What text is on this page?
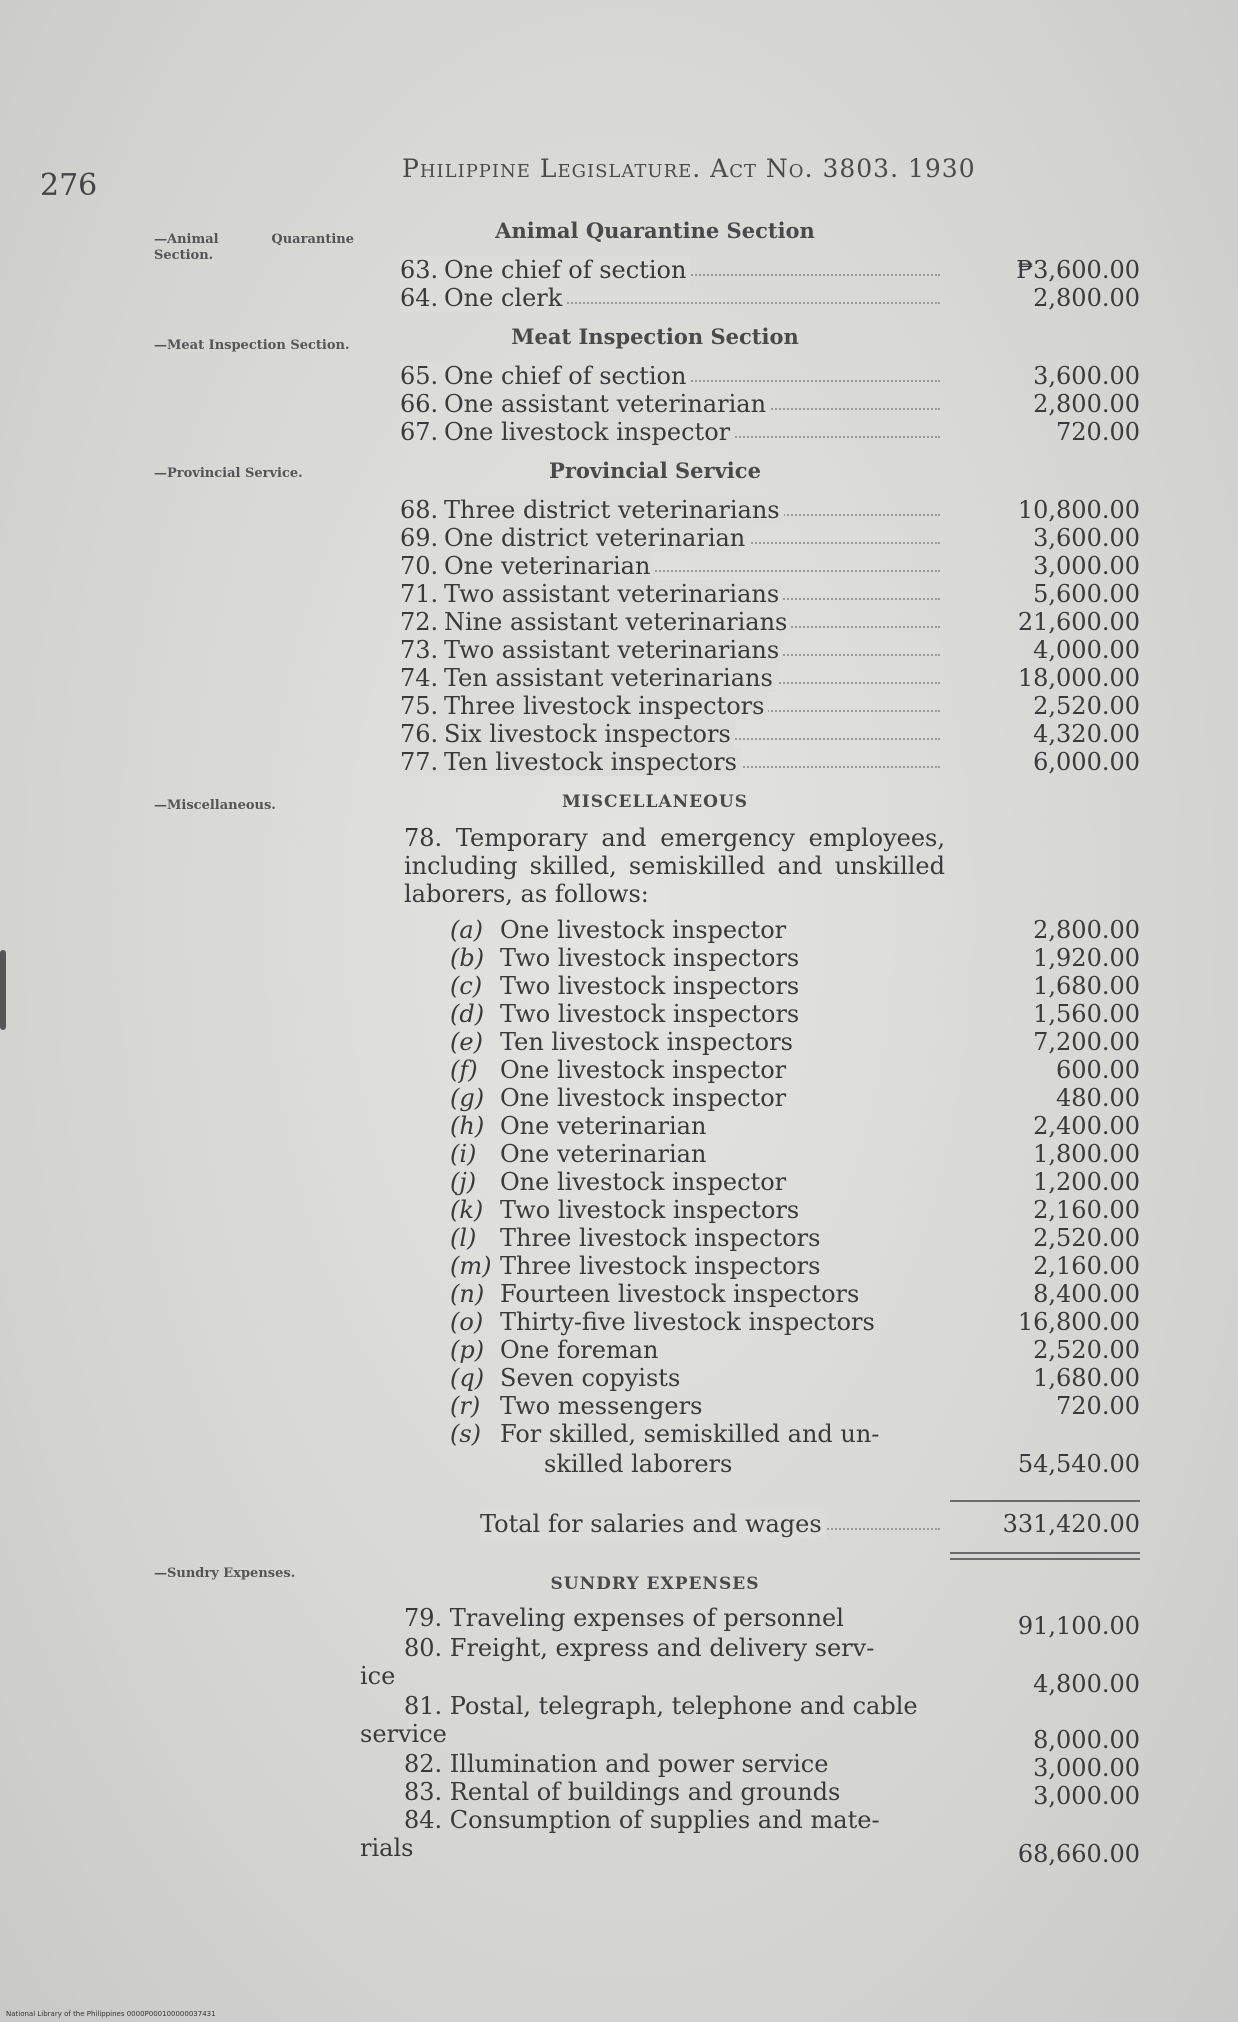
276	Philippine Legislature. Act No. 3803. 1930
—Animal Quarantine Section.
—Meat Inspection Section.
—Provincial Service.
—Miscellaneous.
—Sundry Expenses.
Animal Quarantine Section
Meat Inspection Section
Provincial Service
MISCELLANEOUS
SUNDRY EXPENSES
63. One chief of section	₱3,600.00
64. One clerk	2,800.00
65. One chief of section	3,600.00
66. One assistant veterinarian	2,800.00
67. One livestock inspector	720.00
68. Three district veterinarians	10,800.00
69. One district veterinarian	3,600.00
70. One veterinarian	3,000.00
71. Two assistant veterinarians	5,600.00
72. Nine assistant veterinarians	21,600.00
73. Two assistant veterinarians	4,000.00
74. Ten assistant veterinarians	18,000.00
75. Three livestock inspectors	2,520.00
76. Six livestock inspectors	4,320.00
77. Ten livestock inspectors	6,000.00
78. Temporary and emergency employees, including skilled, semiskilled and unskilled laborers, as follows:
(a) One livestock inspector	2,800.00
(b) Two livestock inspectors	1,920.00
(c) Two livestock inspectors	1,680.00
(d) Two livestock inspectors	1,560.00
(e) Ten livestock inspectors	7,200.00
(f) One livestock inspector	600.00
(g) One livestock inspector	480.00
(h) One veterinarian	2,400.00
(i) One veterinarian	1,800.00
(j) One livestock inspector	1,200.00
(k) Two livestock inspectors	2,160.00
(l) Three livestock inspectors	2,520.00
(m) Three livestock inspectors	2,160.00
(n) Fourteen livestock inspectors	8,400.00
(o) Thirty-five livestock inspectors	16,800.00
(p) One foreman	2,520.00
(q) Seven copyists	1,680.00
(r) Two messengers	720.00
(s) For skilled, semiskilled and un-
skilled laborers	54,540.00
Total for salaries and wages	331,420.00
79. Traveling expenses of personnel	91,100.00
80. Freight, express and delivery serv-
ice	4,800.00
81. Postal, telegraph, telephone and cable
service	8,000.00
82. Illumination and power service	3,000.00
83. Rental of buildings and grounds	3,000.00
84. Consumption of supplies and mate-
rials	68,660.00
National Library of the Philippines 0000P000100000037431
